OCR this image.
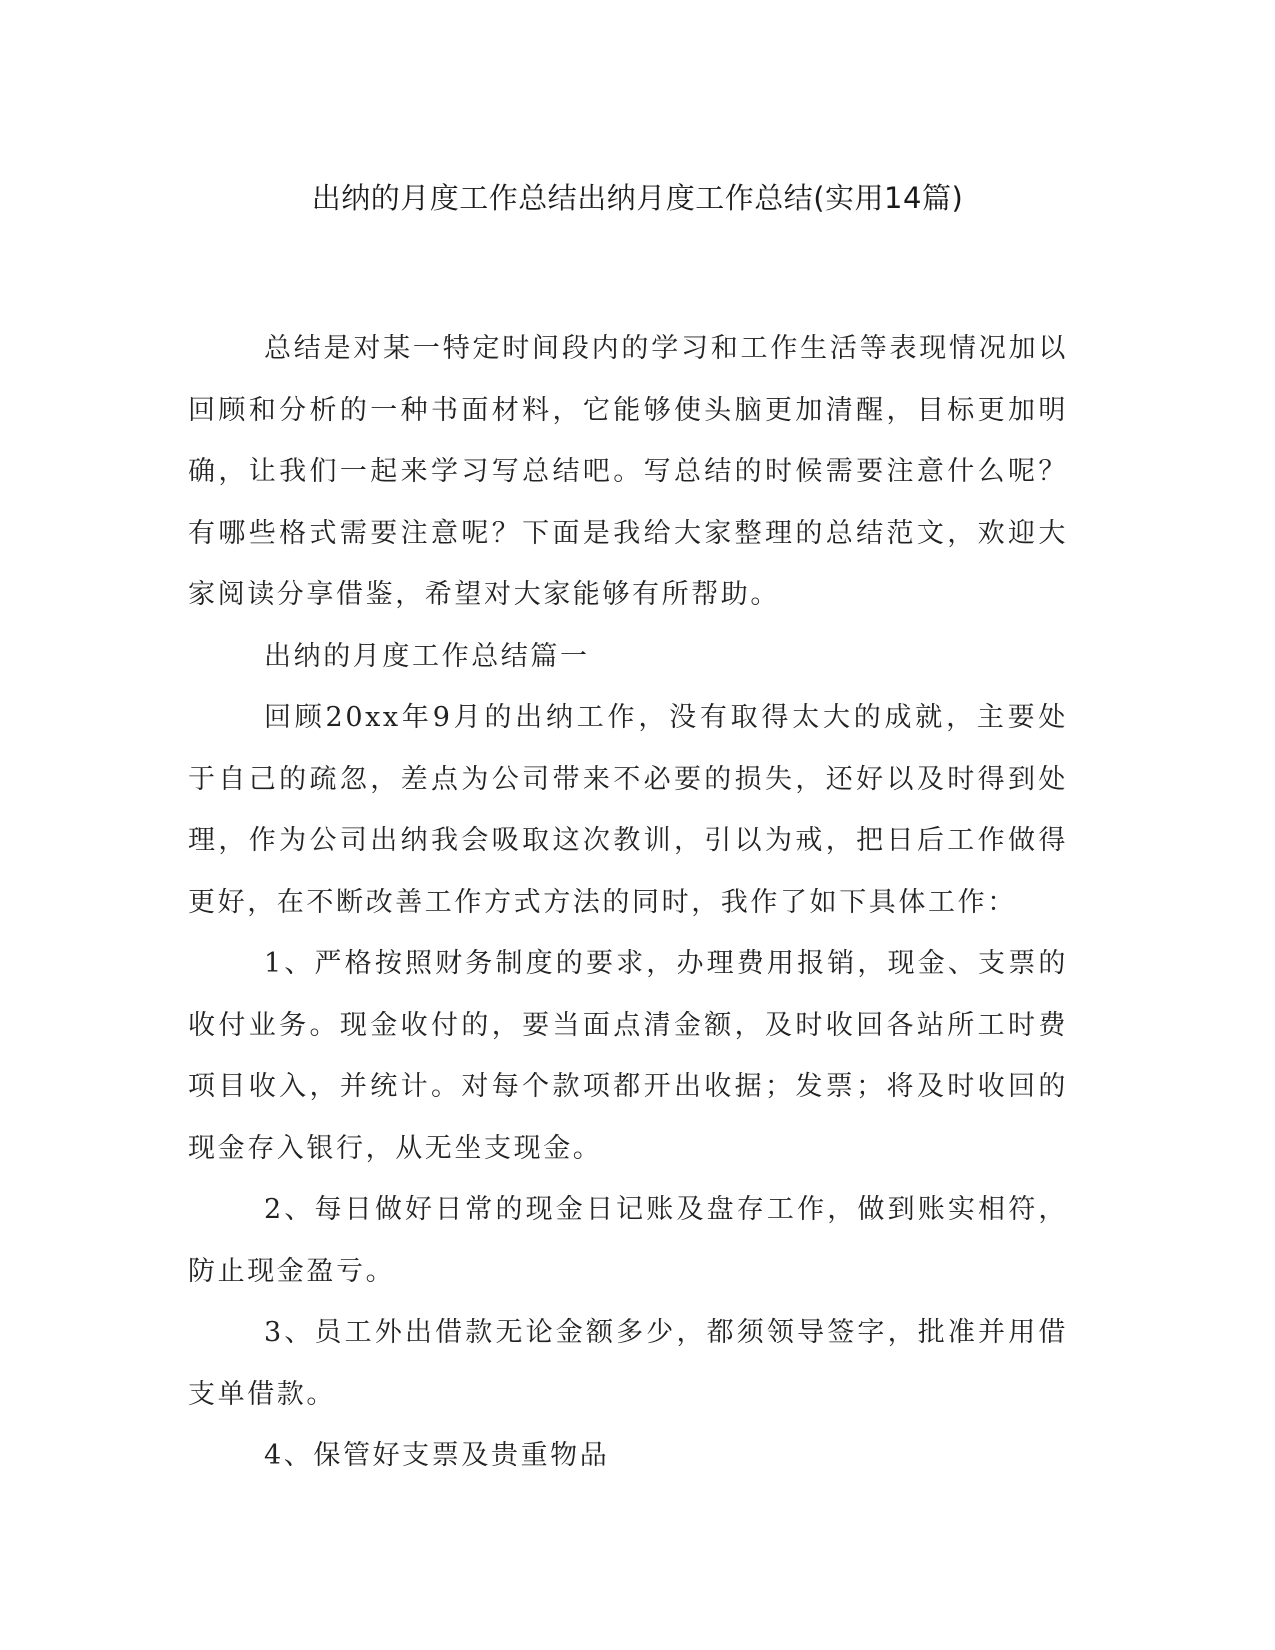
出纳的月度工作总结出纳月度工作总结(实用14篇)

总结是对某一特定时间段内的学习和工作生活等表现情况加以回顾和分析的一种书面材料，它能够使头脑更加清醒，目标更加明确，让我们一起来学习写总结吧。写总结的时候需要注意什么呢？有哪些格式需要注意呢？下面是我给大家整理的总结范文，欢迎大家阅读分享借鉴，希望对大家能够有所帮助。

出纳的月度工作总结篇一

回顾20xx年9月的出纳工作，没有取得太大的成就，主要处于自己的疏忽，差点为公司带来不必要的损失，还好以及时得到处理，作为公司出纳我会吸取这次教训，引以为戒，把日后工作做得更好，在不断改善工作方式方法的同时，我作了如下具体工作：

1、严格按照财务制度的要求，办理费用报销，现金、支票的收付业务。现金收付的，要当面点清金额，及时收回各站所工时费项目收入，并统计。对每个款项都开出收据；发票；将及时收回的现金存入银行，从无坐支现金。

2、每日做好日常的现金日记账及盘存工作，做到账实相符，防止现金盈亏。

3、员工外出借款无论金额多少，都须领导签字，批准并用借支单借款。

4、保管好支票及贵重物品
